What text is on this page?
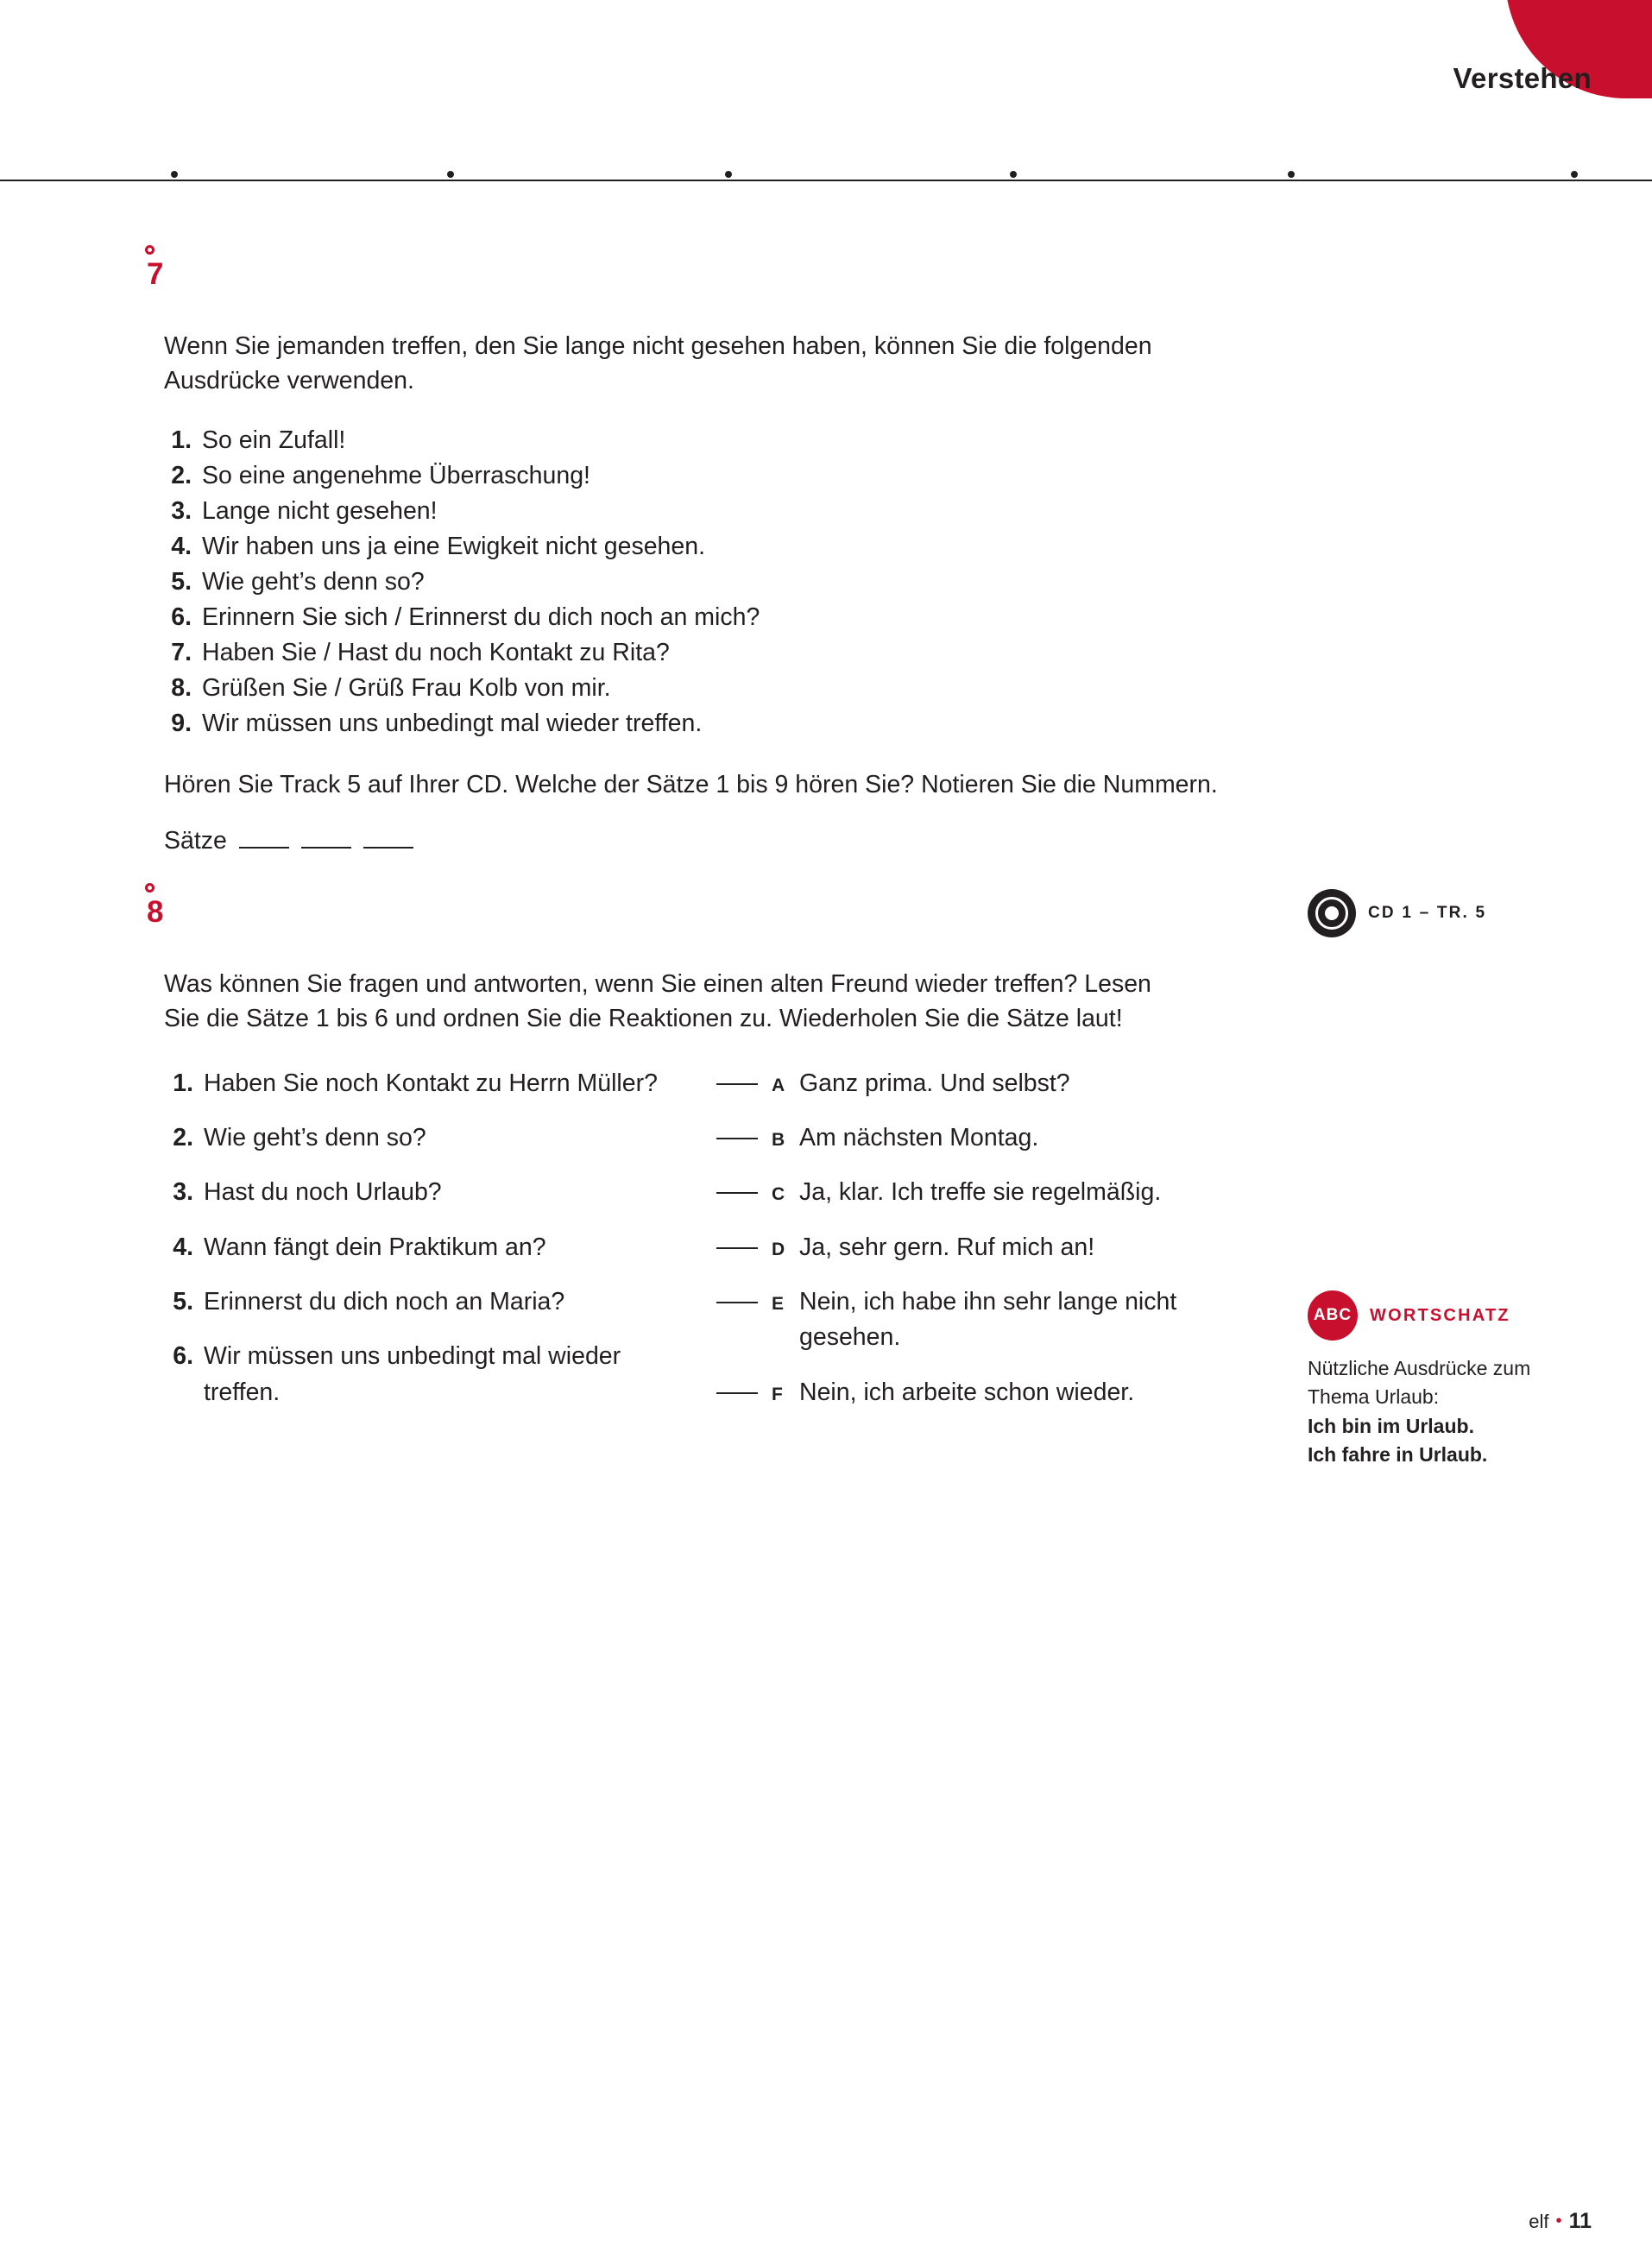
Verstehen
7

Wenn Sie jemanden treffen, den Sie lange nicht gesehen haben, können Sie die folgenden Ausdrücke verwenden.

1. So ein Zufall!
2. So eine angenehme Überraschung!
3. Lange nicht gesehen!
4. Wir haben uns ja eine Ewigkeit nicht gesehen.
5. Wie geht’s denn so?
6. Erinnern Sie sich / Erinnerst du dich noch an mich?
7. Haben Sie / Hast du noch Kontakt zu Rita?
8. Grüßen Sie / Grüß Frau Kolb von mir.
9. Wir müssen uns unbedingt mal wieder treffen.

Hören Sie Track 5 auf Ihrer CD. Welche der Sätze 1 bis 9 hören Sie? Notieren Sie die Nummern.

Sätze
8

Was können Sie fragen und antworten, wenn Sie einen alten Freund wieder treffen? Lesen Sie die Sätze 1 bis 6 und ordnen Sie die Reaktionen zu. Wiederholen Sie die Sätze laut!

1. Haben Sie noch Kontakt zu Herrn Müller?
2. Wie geht’s denn so?
3. Hast du noch Urlaub?
4. Wann fängt dein Praktikum an?
5. Erinnerst du dich noch an Maria?
6. Wir müssen uns unbedingt mal wieder treffen.
A Ganz prima. Und selbst?
B Am nächsten Montag.
C Ja, klar. Ich treffe sie regelmäßig.
D Ja, sehr gern. Ruf mich an!
E Nein, ich habe ihn sehr lange nicht gesehen.
F Nein, ich arbeite schon wieder.
CD 1 – TR. 5
ABC	WORTSCHATZ
Nützliche Ausdrücke zum Thema Urlaub:
Ich bin im Urlaub.
Ich fahre in Urlaub.
elf • 11
